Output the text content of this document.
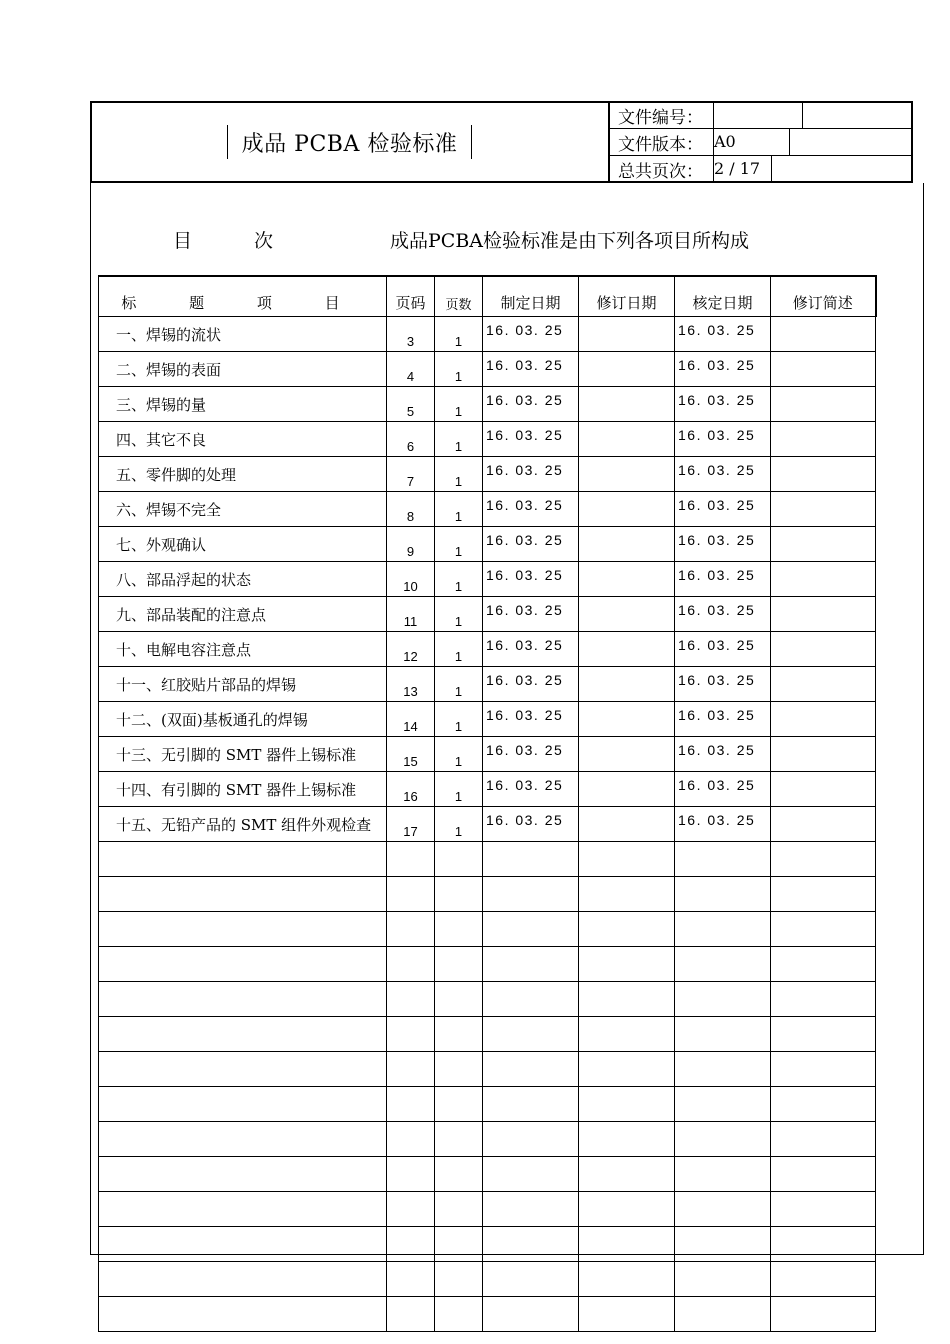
成品 PCBA 检验标准
文件编号：
文件版本： A0
总共页次： 2 / 17
目 次	成品PCBA检验标准是由下列各项目所构成
标 题 项 目	页码	页数	制定日期	修订日期	核定日期	修订简述
一、焊锡的流状	3	1	16. 03. 25		16. 03. 25	
二、焊锡的表面	4	1	16. 03. 25		16. 03. 25	
三、焊锡的量	5	1	16. 03. 25		16. 03. 25	
四、其它不良	6	1	16. 03. 25		16. 03. 25	
五、零件脚的处理	7	1	16. 03. 25		16. 03. 25	
六、焊锡不完全	8	1	16. 03. 25		16. 03. 25	
七、外观确认	9	1	16. 03. 25		16. 03. 25	
八、部品浮起的状态	10	1	16. 03. 25		16. 03. 25	
九、部品装配的注意点	11	1	16. 03. 25		16. 03. 25	
十、电解电容注意点	12	1	16. 03. 25		16. 03. 25	
十一、红胶贴片部品的焊锡	13	1	16. 03. 25		16. 03. 25	
十二、(双面)基板通孔的焊锡	14	1	16. 03. 25		16. 03. 25	
十三、无引脚的 SMT 器件上锡标准	15	1	16. 03. 25		16. 03. 25	
十四、有引脚的 SMT 器件上锡标准	16	1	16. 03. 25		16. 03. 25	
十五、无铅产品的 SMT 组件外观检查	17	1	16. 03. 25		16. 03. 25	
